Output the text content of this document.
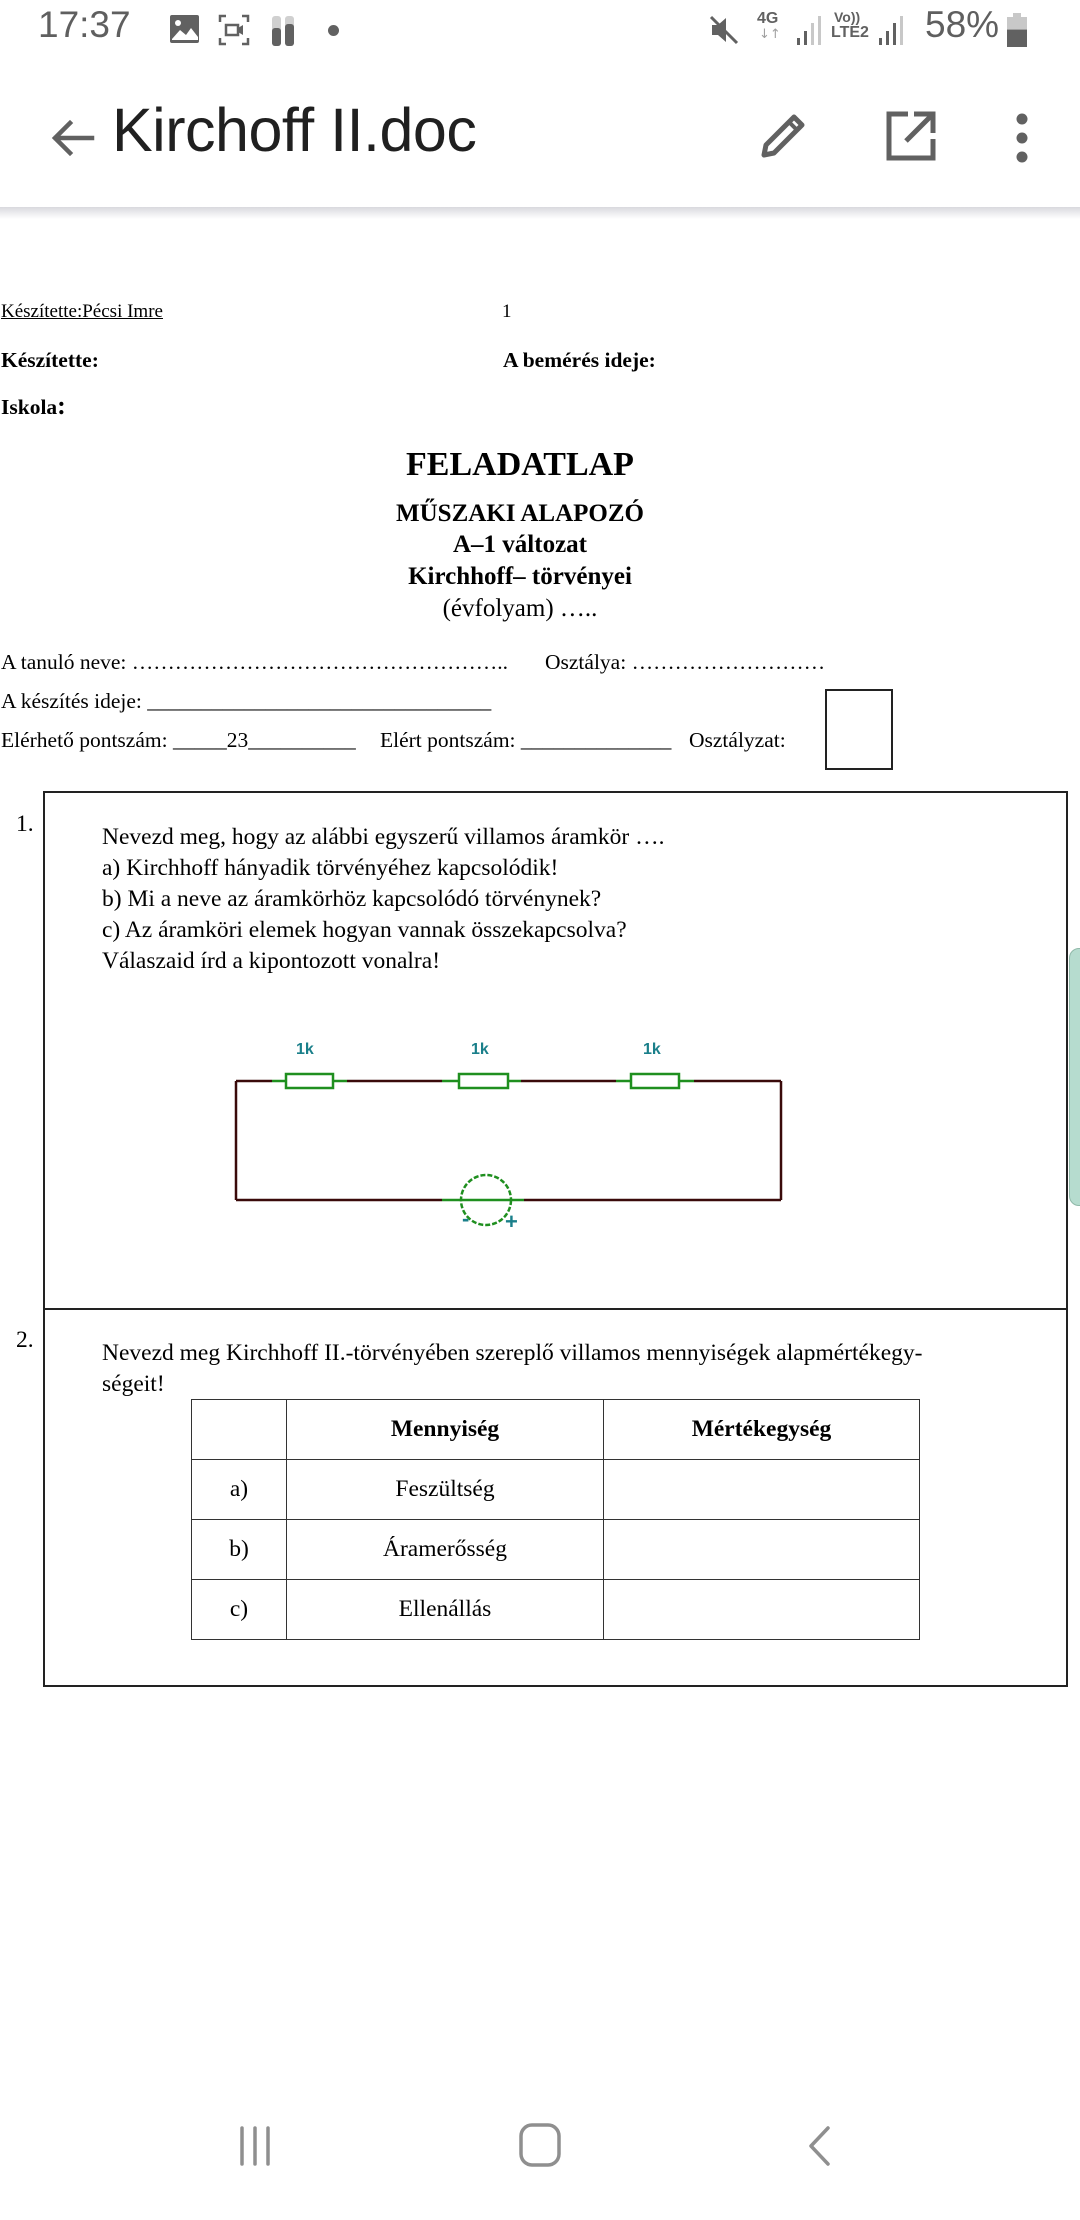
17:37	4G
↓↑
Vo))
LTE2 58%
Kirchoff II.doc
Készítette:Pécsi Imre	1
Készítette:	A bemérés ideje:
Iskola:
FELADATLAP
MŰSZAKI ALAPOZÓ
A–1 változat
Kirchhoff– törvényei
(évfolyam) …..
A tanuló neve: …………………………………………….. Osztálya: ………………………
A készítés ideje: ________________________________
Elérhető pontszám: _____23__________ Elért pontszám: ______________ Osztályzat:
1.	Nevezd meg, hogy az alábbi egyszerű villamos áramkör ….
a) Kirchhoff hányadik törvényéhez kapcsolódik!
b) Mi a neve az áramkörhöz kapcsolódó törvénynek?
c) Az áramköri elemek hogyan vannak összekapcsolva?
Válaszaid írd a kipontozott vonalra!
1k	1k	1k
- +
2.	Nevezd meg Kirchhoff II.-törvényében szereplő villamos mennyiségek alapmértékegy-
ségeit!
	Mennyiség	Mértékegység
a)	Feszültség	
b)	Áramerősség	
c)	Ellenállás	
